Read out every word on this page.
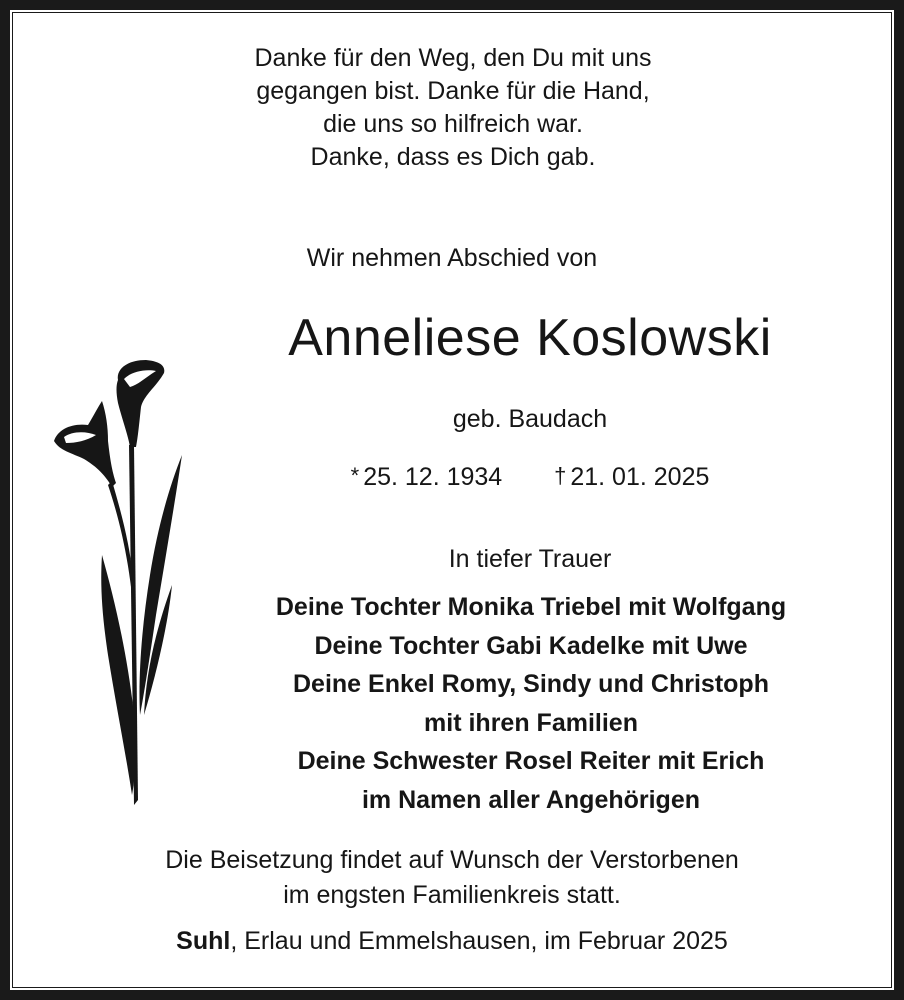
Danke für den Weg, den Du mit uns
gegangen bist. Danke für die Hand,
die uns so hilfreich war.
Danke, dass es Dich gab.
Wir nehmen Abschied von
Anneliese Koslowski
geb. Baudach
* 25. 12. 1934 † 21. 01. 2025
In tiefer Trauer
Deine Tochter Monika Triebel mit Wolfgang
Deine Tochter Gabi Kadelke mit Uwe
Deine Enkel Romy, Sindy und Christoph
mit ihren Familien
Deine Schwester Rosel Reiter mit Erich
im Namen aller Angehörigen
Die Beisetzung findet auf Wunsch der Verstorbenen
im engsten Familienkreis statt.
Suhl, Erlau und Emmelshausen, im Februar 2025
